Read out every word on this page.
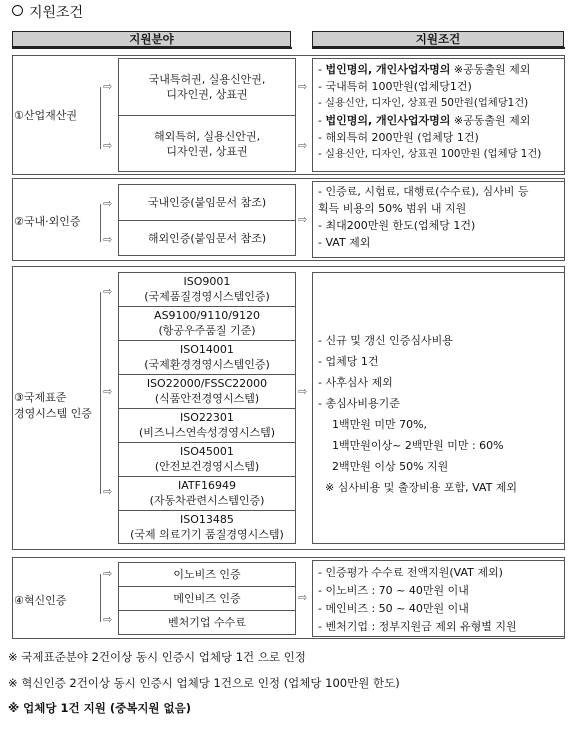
지원조건
지원분야	지원조건
①산업재산권
⇨
⇨
국내특허권, 실용신안권,
디자인권, 상표권
해외특허, 실용신안권,
디자인권, 상표권
⇨
⇨
- 법인명의, 개인사업자명의 ※공동출원 제외
- 국내특허 100만원(업체당1건)
- 실용신안, 디자인, 상표권 50만원(업체당1건)
- 법인명의, 개인사업자명의 ※공동출원 제외
- 해외특허 200만원 (업체당 1건)
- 실용신안, 디자인, 상표권 100만원 (업체당 1건)
②국내·외인증
⇨
⇨
국내인증(붙임문서 참조)
해외인증(붙임문서 참조)
⇨
- 인증료, 시험료, 대행료(수수료), 심사비 등
획득 비용의 50% 범위 내 지원
- 최대200만원 한도(업체당 1건)
- VAT 제외
③국제표준
경영시스템 인증
⇨
⇨
⇨
ISO9001
(국제품질경영시스템인증)
AS9100/9110/9120
(항공우주품질 기준)
ISO14001
(국제환경경영시스템인증)
ISO22000/FSSC22000
(식품안전경영시스템)
ISO22301
(비즈니스연속성경영시스템)
ISO45001
(안전보건경영시스템)
IATF16949
(자동차관련시스템인증)
ISO13485
(국제 의료기기 품질경영시스템)
⇨
- 신규 및 갱신 인증심사비용
- 업체당 1건
- 사후심사 제외
- 총심사비용기준
1백만원 미만 70%,
1백만원이상~ 2백만원 미만 : 60%
2백만원 이상 50% 지원
※ 심사비용 및 출장비용 포함, VAT 제외
④혁신인증
⇨
⇨
이노비즈 인증
메인비즈 인증
벤처기업 수수료
⇨
- 인증평가 수수료 전액지원(VAT 제외)
- 이노비즈 : 70 ~ 40만원 이내
- 메인비즈 : 50 ~ 40만원 이내
- 벤처기업 : 정부지원금 제외 유형별 지원
※ 국제표준분야 2건이상 동시 인증시 업체당 1건 으로 인정
※ 혁신인증 2건이상 동시 인증시 업체당 1건으로 인정 (업체당 100만원 한도)
※ 업체당 1건 지원 (중복지원 없음)
